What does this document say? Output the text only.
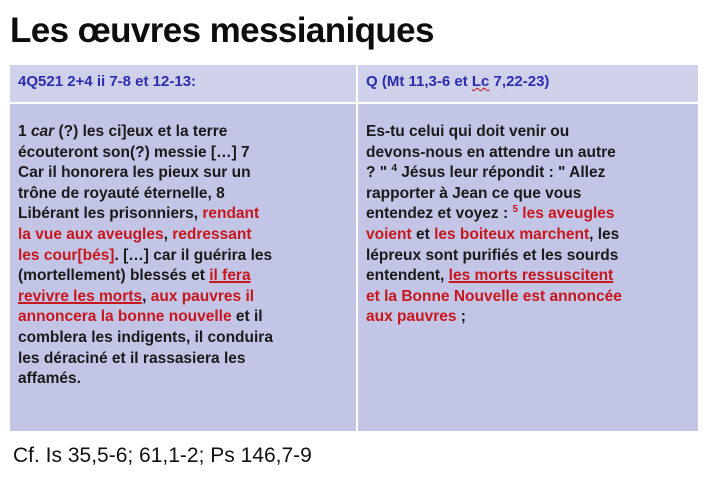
Les œuvres messianiques
4Q521 2+4 ii 7-8 et 12-13:
1 car (?) les ci]eux et la terre
écouteront son(?) messie […] 7
Car il honorera les pieux sur un
trône de royauté éternelle, 8
Libérant les prisonniers, rendant
la vue aux aveugles, redressant
les cour[bés]. […] car il guérira les
(mortellement) blessés et il fera
revivre les morts, aux pauvres il
annoncera la bonne nouvelle et il
comblera les indigents, il conduira
les déraciné et il rassasiera les
affamés.
Q (Mt 11,3-6 et Lc 7,22-23)
Es-tu celui qui doit venir ou
devons-nous en attendre un autre
? " $^4$ Jésus leur répondit : " Allez
rapporter à Jean ce que vous
entendez et voyez : $^5$ les aveugles
voient et les boiteux marchent, les
lépreux sont purifiés et les sourds
entendent, les morts ressuscitent
et la Bonne Nouvelle est annoncée
aux pauvres ;
Cf. Is 35,5-6; 61,1-2; Ps 146,7-9
